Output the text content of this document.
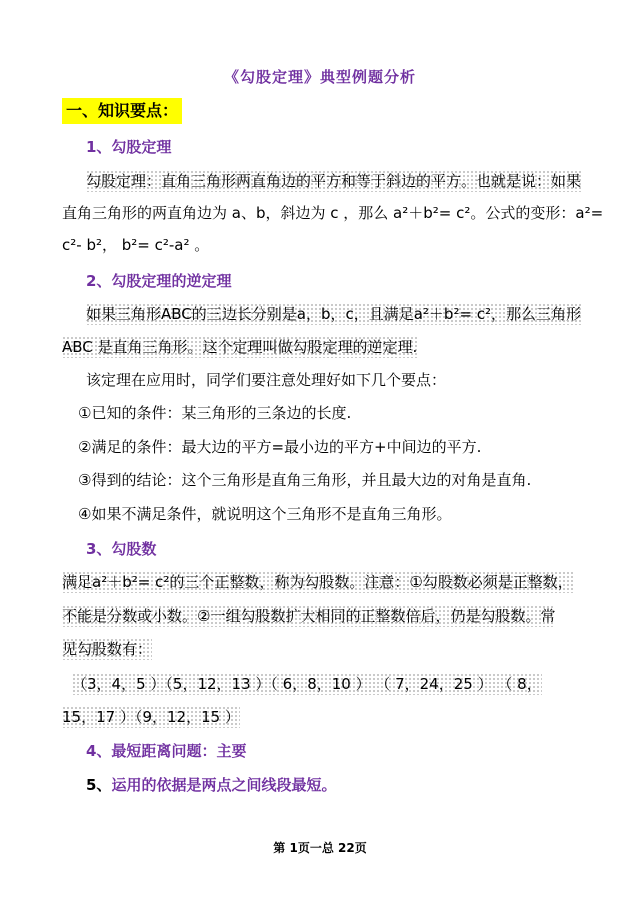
《勾股定理》典型例题分析
一、知识要点：
1、勾股定理
勾股定理：直角三角形两直角边的平方和等于斜边的平方。也就是说：如果
直角三角形的两直角边为 a、b，斜边为 c ，那么 a²＋b²= c²。公式的变形：a²=
c²- b²， b²= c²-a² 。
2、勾股定理的逆定理
如果三角形ABC的三边长分别是a，b，c，且满足a²＋b²= c²，那么三角形
ABC 是直角三角形。这个定理叫做勾股定理的逆定理.
该定理在应用时，同学们要注意处理好如下几个要点：
①已知的条件：某三角形的三条边的长度.
②满足的条件：最大边的平方=最小边的平方+中间边的平方.
③得到的结论：这个三角形是直角三角形，并且最大边的对角是直角.
④如果不满足条件，就说明这个三角形不是直角三角形。
3、勾股数
满足a²＋b²= c²的三个正整数，称为勾股数。注意：①勾股数必须是正整数，
不能是分数或小数。②一组勾股数扩大相同的正整数倍后，仍是勾股数。常
见勾股数有：
（3，4，5 ）（5，12，13 ）（ 6，8，10 ） （ 7，24，25 ） （ 8，
15，17 ）（9，12，15 ）
4、最短距离问题：主要
5、运用的依据是两点之间线段最短。
第 1页一总 22页
